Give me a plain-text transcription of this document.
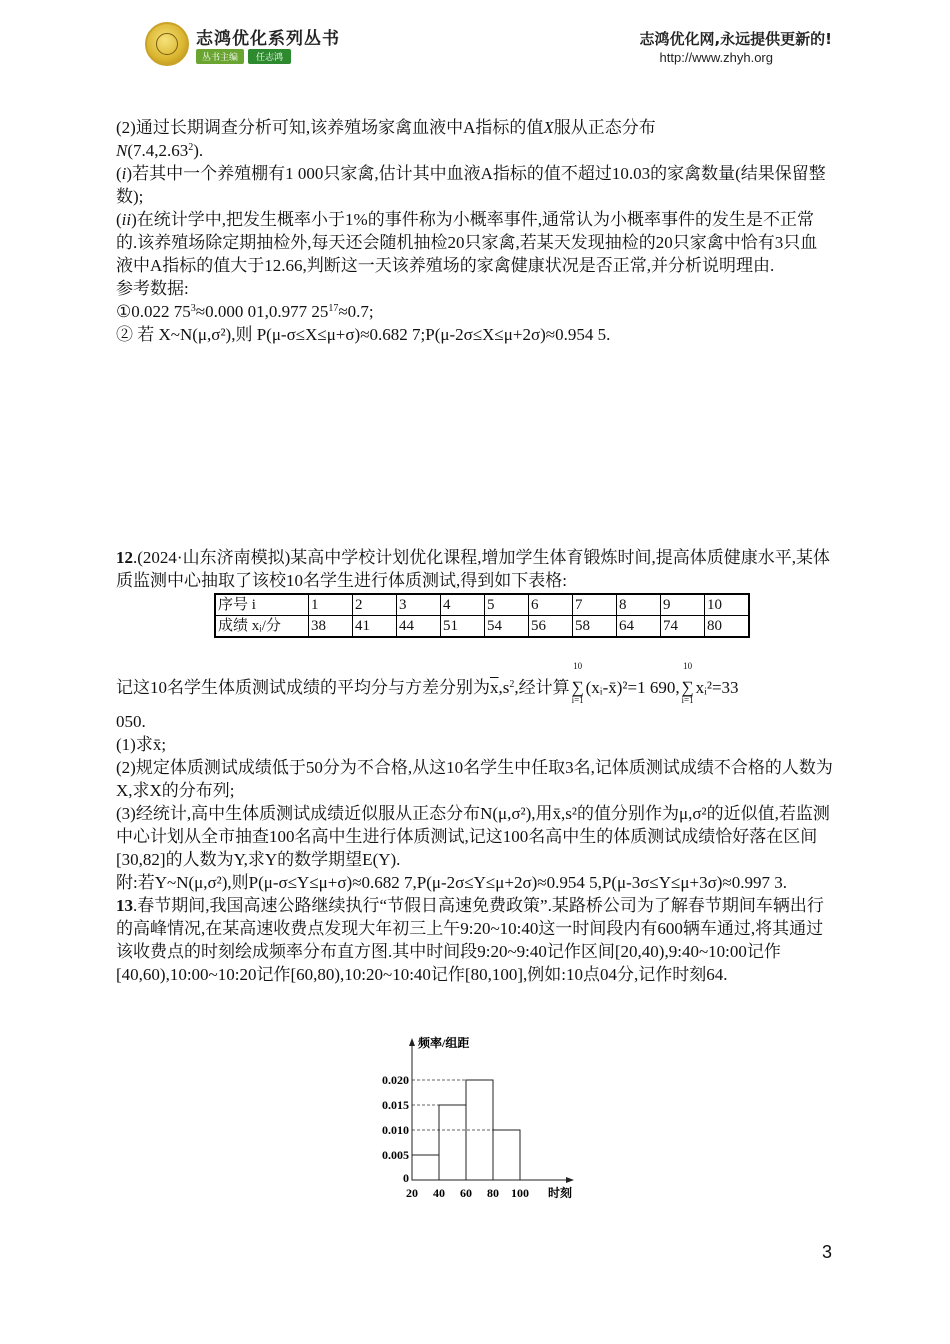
志鸿优化系列丛书
丛书主编	任志鸿
志鸿优化网,永远提供更新的!
http://www.zhyh.org

(2)通过长期调查分析可知,该养殖场家禽血液中A指标的值X服从正态分布
N(7.4,2.63$^2$).

(i)若其中一个养殖棚有1 000只家禽,估计其中血液A指标的值不超过10.03的家禽数量(结果保留整数);

(ii)在统计学中,把发生概率小于1%的事件称为小概率事件,通常认为小概率事件的发生是不正常的.该养殖场除定期抽检外,每天还会随机抽检20只家禽,若某天发现抽检的20只家禽中恰有3只血液中A指标的值大于12.66,判断这一天该养殖场的家禽健康状况是否正常,并分析说明理由.

参考数据:

①0.022 $75^3\approx 0.000$ 01,0.977 $25^{17}\approx 0.7$;

② 若 X~N(μ,σ²),则 P(μ-σ≤X≤μ+σ)≈0.682 7;P(μ-2σ≤X≤μ+2σ)≈0.954 5.

12.(2024·山东济南模拟)某高中学校计划优化课程,增加学生体育锻炼时间,提高体质健康水平,某体质监测中心抽取了该校10名学生进行体质测试,得到如下表格:

序号 i	1	2	3	4	5	6	7	8	9	10
成绩 xᵢ/分	38	41	44	51	54	56	58	64	74	80

记这10名学生体质测试成绩的平均分与方差分别为$\overline{x},s^2$,经计算
10
∑
i=1
(xᵢ-x̄)²=1 690,
10
∑
i=1
xᵢ²=33

050.

(1)求x̄;

(2)规定体质测试成绩低于50分为不合格,从这10名学生中任取3名,记体质测试成绩不合格的人数为X,求X的分布列;

(3)经统计,高中生体质测试成绩近似服从正态分布N(μ,σ²),用x̄,s²的值分别作为μ,σ²的近似值,若监测中心计划从全市抽查100名高中生进行体质测试,记这100名高中生的体质测试成绩恰好落在区间[30,82]的人数为Y,求Y的数学期望E(Y).

附:若Y~N(μ,σ²),则P(μ-σ≤Y≤μ+σ)≈0.682 7,P(μ-2σ≤Y≤μ+2σ)≈0.954 5,P(μ-3σ≤Y≤μ+3σ)≈0.997 3.

13.春节期间,我国高速公路继续执行“节假日高速免费政策”.某路桥公司为了解春节期间车辆出行的高峰情况,在某高速收费点发现大年初三上午9:20~10:40这一时间段内有600辆车通过,将其通过该收费点的时刻绘成频率分布直方图.其中时间段9:20~9:40记作区间[20,40),9:40~10:00记作[40,60),10:00~10:20记作[60,80),10:20~10:40记作[80,100],例如:10点04分,记作时刻64.

频率/组距
时刻
0.020
0.015
0.010
0.005
0
20 40 60 80 100
3
